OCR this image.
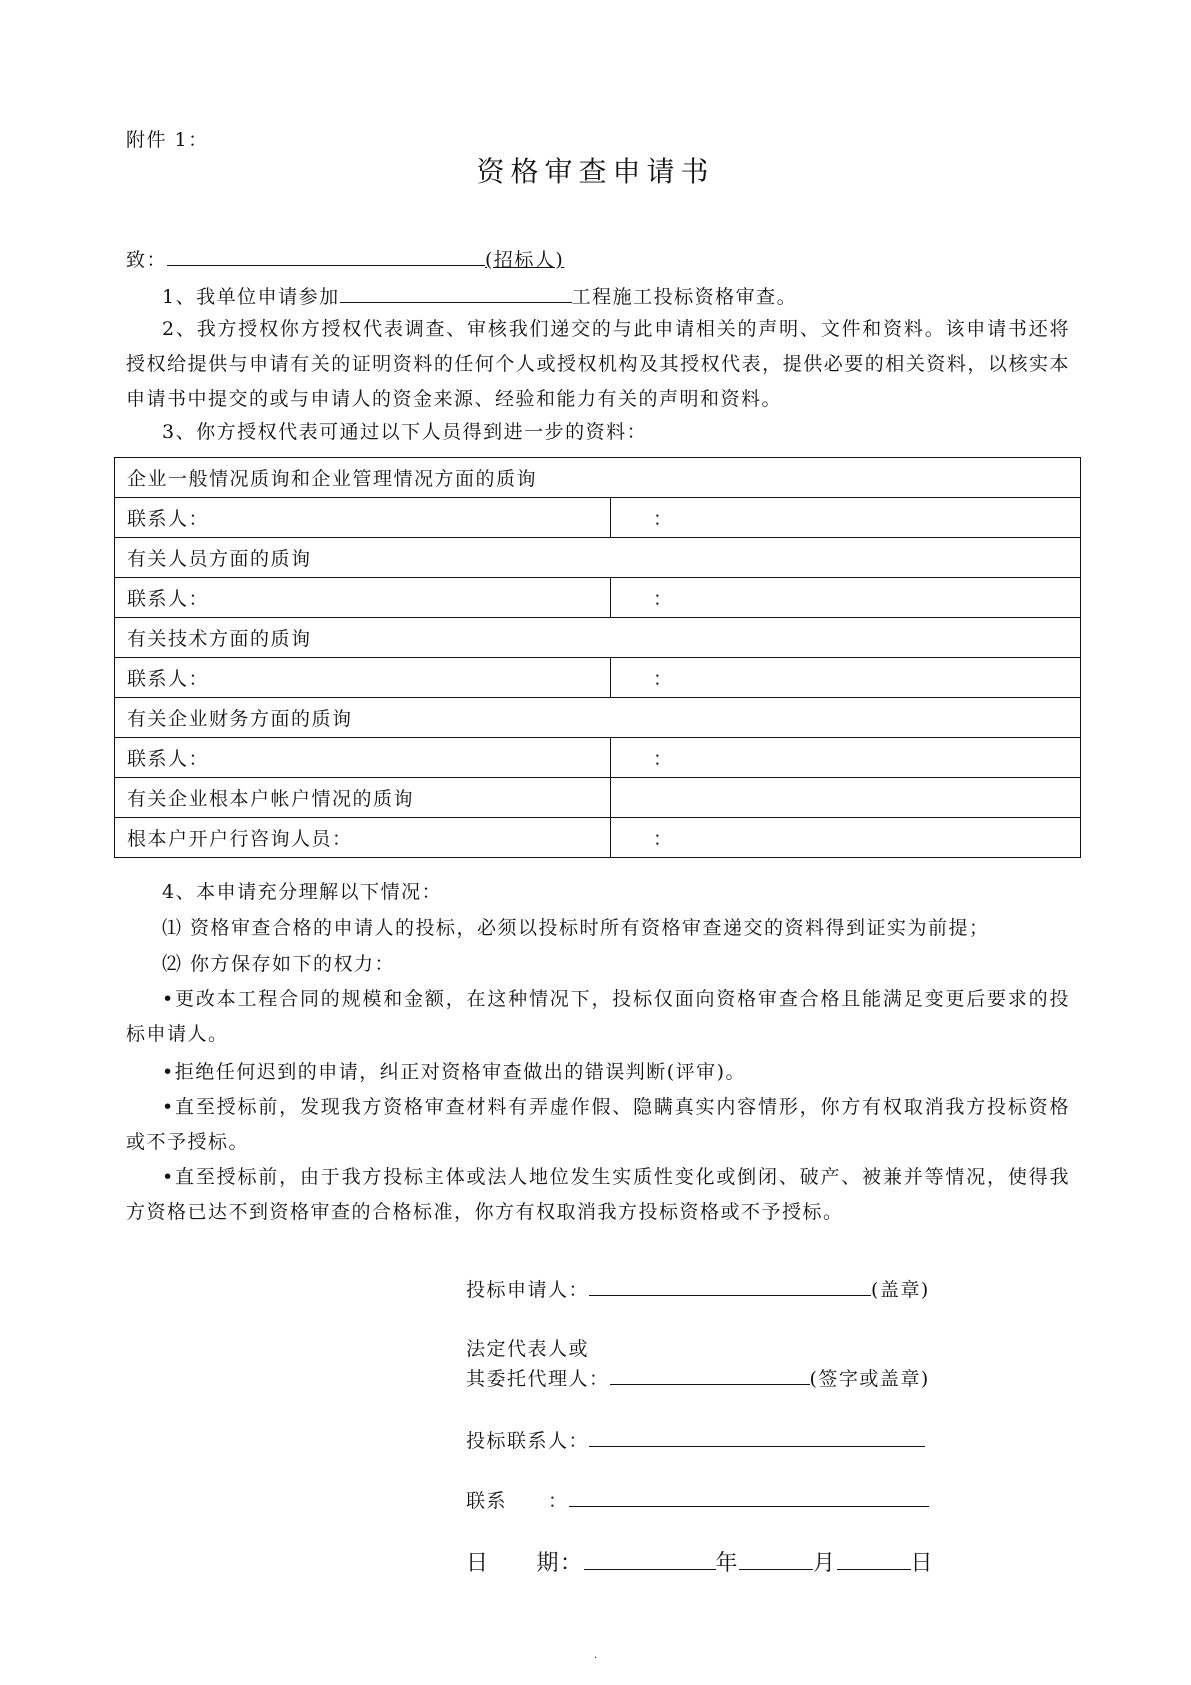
附件 1：
资格审查申请书
致：	(招标人)
1、我单位申请参加	工程施工投标资格审查。
2、我方授权你方授权代表调查、审核我们递交的与此申请相关的声明、文件和资料。该申请书还将授权给提供与申请有关的证明资料的任何个人或授权机构及其授权代表，提供必要的相关资料，以核实本申请书中提交的或与申请人的资金来源、经验和能力有关的声明和资料。
3、你方授权代表可通过以下人员得到进一步的资料：
企业一般情况质询和企业管理情况方面的质询	
联系人：	：
有关人员方面的质询	
联系人：	：
有关技术方面的质询	
联系人：	：
有关企业财务方面的质询	
联系人：	：
有关企业根本户帐户情况的质询	
根本户开户行咨询人员：	：
4、本申请充分理解以下情况：
⑴ 资格审查合格的申请人的投标，必须以投标时所有资格审查递交的资料得到证实为前提；
⑵ 你方保存如下的权力：
•更改本工程合同的规模和金额，在这种情况下，投标仅面向资格审查合格且能满足变更后要求的投标申请人。
•拒绝任何迟到的申请，纠正对资格审查做出的错误判断(评审)。
•直至授标前，发现我方资格审查材料有弄虚作假、隐瞒真实内容情形，你方有权取消我方投标资格或不予授标。
•直至授标前，由于我方投标主体或法人地位发生实质性变化或倒闭、破产、被兼并等情况，使得我方资格已达不到资格审查的合格标准，你方有权取消我方投标资格或不予授标。
投标申请人：	(盖章)
法定代表人或
其委托代理人：	(签字或盖章)
投标联系人：
联系　　：
日　　期：	年	月	日
.
